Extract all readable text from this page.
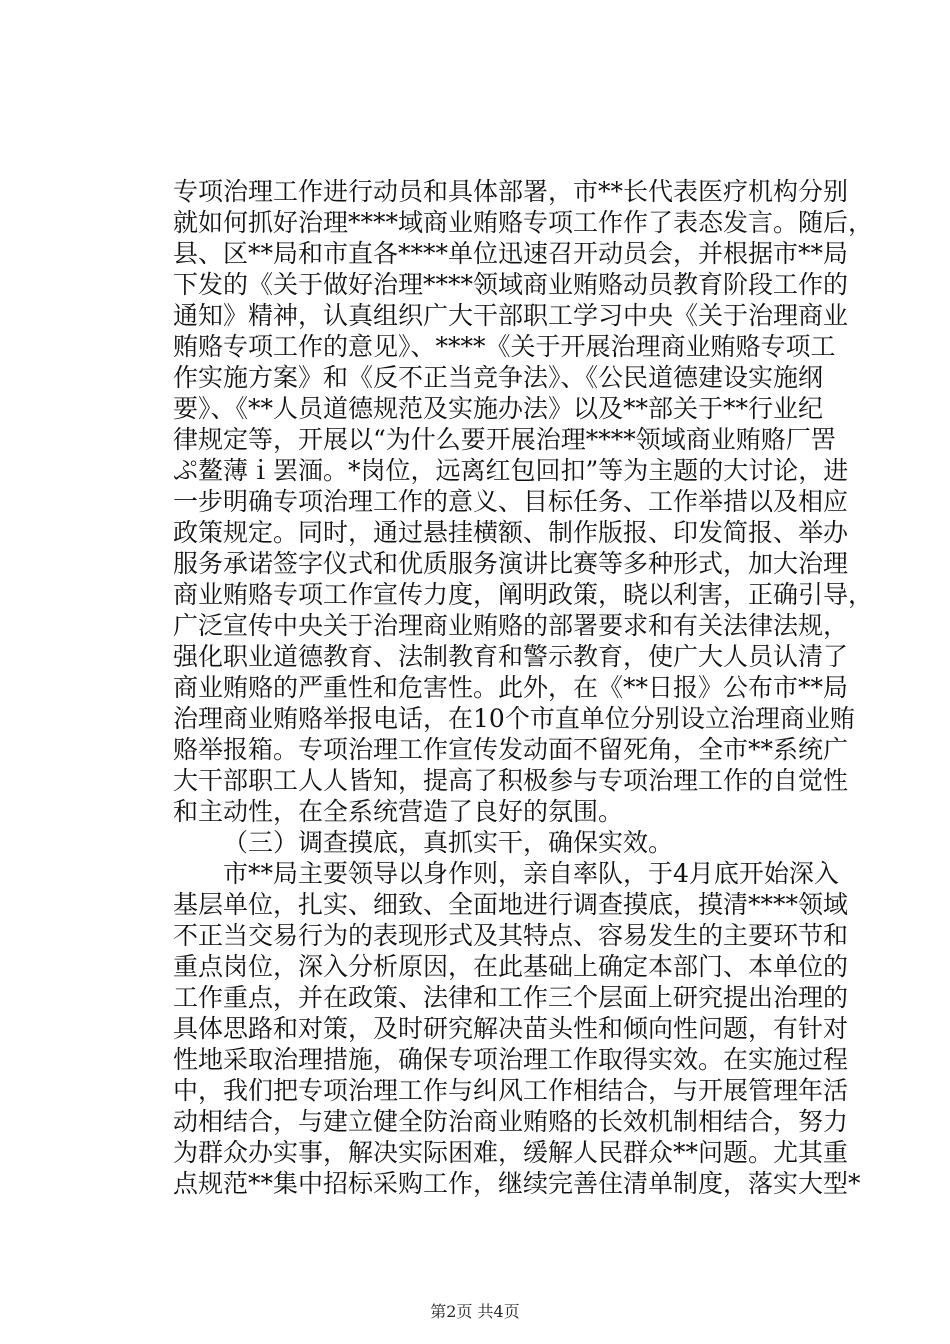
专项治理工作进行动员和具体部署，市**长代表医疗机构分别
就如何抓好治理****域商业贿赂专项工作作了表态发言。随后，
县、区**局和市直各****单位迅速召开动员会，并根据市**局
下发的《关于做好治理****领域商业贿赂动员教育阶段工作的
通知》精神，认真组织广大干部职工学习中央《关于治理商业
贿赂专项工作的意见》、****《关于开展治理商业贿赂专项工
作实施方案》和《反不正当竞争法》、《公民道德建设实施纲
要》、《**人员道德规范及实施办法》以及**部关于**行业纪
律规定等，开展以“为什么要开展治理****领域商业贿赂厂罟
ぷ鳌薄ｉ罢湎。*岗位，远离红包回扣”等为主题的大讨论，进
一步明确专项治理工作的意义、目标任务、工作举措以及相应
政策规定。同时，通过悬挂横额、制作版报、印发简报、举办
服务承诺签字仪式和优质服务演讲比赛等多种形式，加大治理
商业贿赂专项工作宣传力度，阐明政策，晓以利害，正确引导，
广泛宣传中央关于治理商业贿赂的部署要求和有关法律法规，
强化职业道德教育、法制教育和警示教育，使广大人员认清了
商业贿赂的严重性和危害性。此外，在《**日报》公布市**局
治理商业贿赂举报电话，在10个市直单位分别设立治理商业贿
赂举报箱。专项治理工作宣传发动面不留死角，全市**系统广
大干部职工人人皆知，提高了积极参与专项治理工作的自觉性
和主动性，在全系统营造了良好的氛围。
（三）调查摸底，真抓实干，确保实效。
市**局主要领导以身作则，亲自率队，于4月底开始深入
基层单位，扎实、细致、全面地进行调查摸底，摸清****领域
不正当交易行为的表现形式及其特点、容易发生的主要环节和
重点岗位，深入分析原因，在此基础上确定本部门、本单位的
工作重点，并在政策、法律和工作三个层面上研究提出治理的
具体思路和对策，及时研究解决苗头性和倾向性问题，有针对
性地采取治理措施，确保专项治理工作取得实效。在实施过程
中，我们把专项治理工作与纠风工作相结合，与开展管理年活
动相结合，与建立健全防治商业贿赂的长效机制相结合，努力
为群众办实事，解决实际困难，缓解人民群众**问题。尤其重
点规范**集中招标采购工作，继续完善住清单制度，落实大型*
第2页 共4页
